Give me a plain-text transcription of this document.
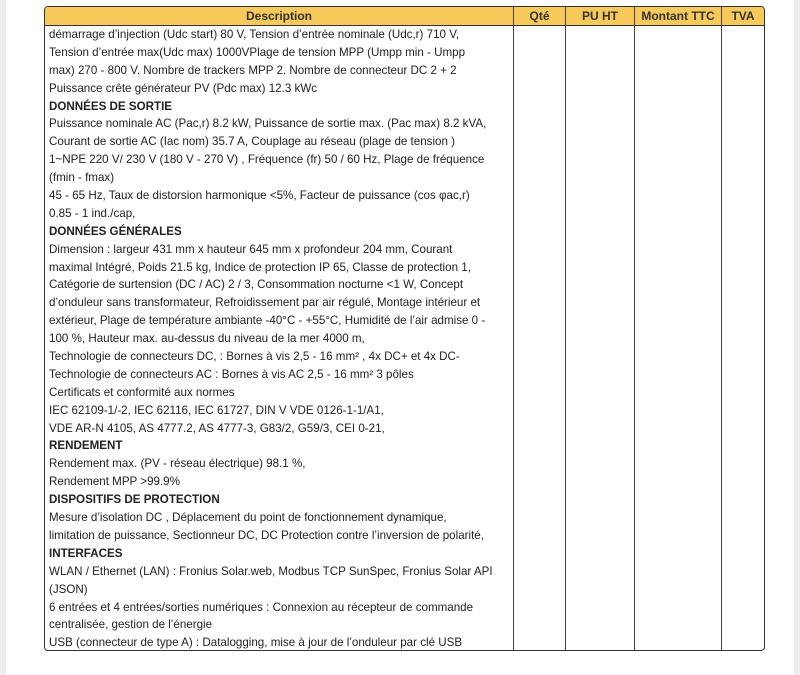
Description	Qté	PU HT	Montant TTC	TVA
démarrage d’injection (Udc start) 80 V, Tension d’entrée nominale (Udc,r) 710 V,
Tension d’entrée max(Udc max) 1000VPlage de tension MPP (Umpp min - Umpp
max) 270 - 800 V. Nombre de trackers MPP 2. Nombre de connecteur DC 2 + 2
Puissance crête générateur PV (Pdc max) 12.3 kWc
DONNÉES DE SORTIE
Puissance nominale AC (Pac,r) 8.2 kW, Puissance de sortie max. (Pac max) 8.2 kVA,
Courant de sortie AC (Iac nom) 35.7 A, Couplage au réseau (plage de tension )
1~NPE 220 V/ 230 V (180 V - 270 V) , Fréquence (fr) 50 / 60 Hz, Plage de fréquence
(fmin - fmax)
45 - 65 Hz, Taux de distorsion harmonique <5%, Facteur de puissance (cos φac,r)
0.85 - 1 ind./cap,
DONNÉES GÉNÉRALES
Dimension : largeur 431 mm x hauteur 645 mm x profondeur 204 mm, Courant
maximal Intégré, Poids 21.5 kg, Indice de protection IP 65, Classe de protection 1,
Catégorie de surtension (DC / AC) 2 / 3, Consommation nocturne <1 W, Concept
d’onduleur sans transformateur, Refroidissement par air régulé, Montage intérieur et
extérieur, Plage de température ambiante -40°C - +55°C, Humidité de l’air admise 0 -
100 %, Hauteur max. au-dessus du niveau de la mer 4000 m,
Technologie de connecteurs DC, : Bornes à vis 2,5 - 16 mm² , 4x DC+ et 4x DC-
Technologie de connecteurs AC : Bornes à vis AC 2,5 - 16 mm² 3 pôles
Certificats et conformité aux normes
IEC 62109-1/-2, IEC 62116, IEC 61727, DIN V VDE 0126-1-1/A1,
VDE AR-N 4105, AS 4777.2, AS 4777-3, G83/2, G59/3, CEI 0-21,
RENDEMENT
Rendement max. (PV - réseau électrique) 98.1 %,
Rendement MPP >99.9%
DISPOSITIFS DE PROTECTION
Mesure d’isolation DC , Déplacement du point de fonctionnement dynamique,
limitation de puissance, Sectionneur DC, DC Protection contre l’inversion de polarité,
INTERFACES
WLAN / Ethernet (LAN) : Fronius Solar.web, Modbus TCP SunSpec, Fronius Solar API
(JSON)
6 entrées et 4 entrées/sorties numériques : Connexion au récepteur de commande
centralisée, gestion de l’énergie
USB (connecteur de type A) : Datalogging, mise à jour de l’onduleur par clé USB
